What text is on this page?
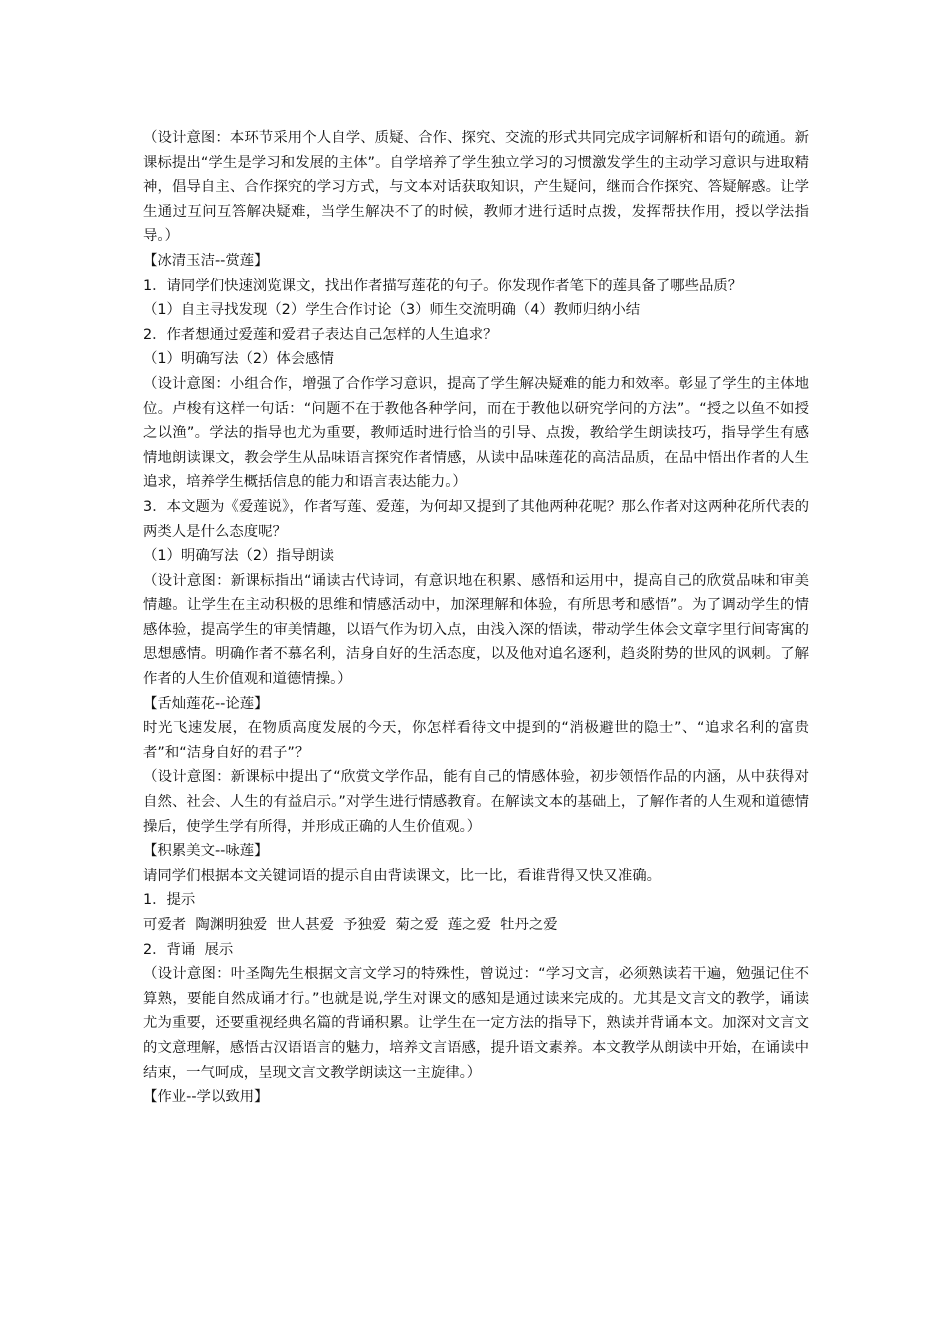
（设计意图：本环节采用个人自学、质疑、合作、探究、交流的形式共同完成字词解析和语句的疏通。新课标提出“学生是学习和发展的主体”。自学培养了学生独立学习的习惯激发学生的主动学习意识与进取精神，倡导自主、合作探究的学习方式，与文本对话获取知识，产生疑问，继而合作探究、答疑解惑。让学生通过互问互答解决疑难，当学生解决不了的时候，教师才进行适时点拨，发挥帮扶作用，授以学法指导。）

【冰清玉洁--赏莲】

1．请同学们快速浏览课文，找出作者描写莲花的句子。你发现作者笔下的莲具备了哪些品质？

（1）自主寻找发现（2）学生合作讨论（3）师生交流明确（4）教师归纳小结

2．作者想通过爱莲和爱君子表达自己怎样的人生追求？

（1）明确写法（2）体会感情

（设计意图：小组合作，增强了合作学习意识，提高了学生解决疑难的能力和效率。彰显了学生的主体地位。卢梭有这样一句话：“问题不在于教他各种学问，而在于教他以研究学问的方法”。“授之以鱼不如授之以渔”。学法的指导也尤为重要，教师适时进行恰当的引导、点拨，教给学生朗读技巧，指导学生有感情地朗读课文，教会学生从品味语言探究作者情感，从读中品味莲花的高洁品质，在品中悟出作者的人生追求，培养学生概括信息的能力和语言表达能力。）

3．本文题为《爱莲说》，作者写莲、爱莲，为何却又提到了其他两种花呢？那么作者对这两种花所代表的两类人是什么态度呢？

（1）明确写法（2）指导朗读

（设计意图：新课标指出“诵读古代诗词，有意识地在积累、感悟和运用中，提高自己的欣赏品味和审美情趣。让学生在主动积极的思维和情感活动中，加深理解和体验，有所思考和感悟”。为了调动学生的情感体验，提高学生的审美情趣，以语气作为切入点，由浅入深的悟读，带动学生体会文章字里行间寄寓的思想感情。明确作者不慕名利，洁身自好的生活态度，以及他对追名逐利，趋炎附势的世风的讽刺。了解作者的人生价值观和道德情操。）

【舌灿莲花--论莲】

时光飞速发展，在物质高度发展的今天，你怎样看待文中提到的“消极避世的隐士”、“追求名利的富贵者”和“洁身自好的君子”？

（设计意图：新课标中提出了“欣赏文学作品，能有自己的情感体验，初步领悟作品的内涵，从中获得对自然、社会、人生的有益启示。”对学生进行情感教育。在解读文本的基础上，了解作者的人生观和道德情操后，使学生学有所得，并形成正确的人生价值观。）

【积累美文--咏莲】

请同学们根据本文关键词语的提示自由背读课文，比一比，看谁背得又快又准确。

1．提示

可爱者  陶渊明独爱  世人甚爱  予独爱  菊之爱  莲之爱  牡丹之爱

2．背诵  展示

（设计意图：叶圣陶先生根据文言文学习的特殊性，曾说过：“学习文言，必须熟读若干遍，勉强记住不算熟，要能自然成诵才行。”也就是说,学生对课文的感知是通过读来完成的。尤其是文言文的教学，诵读尤为重要，还要重视经典名篇的背诵积累。让学生在一定方法的指导下，熟读并背诵本文。加深对文言文的文意理解，感悟古汉语语言的魅力，培养文言语感，提升语文素养。本文教学从朗读中开始，在诵读中结束，一气呵成，呈现文言文教学朗读这一主旋律。）

【作业--学以致用】
